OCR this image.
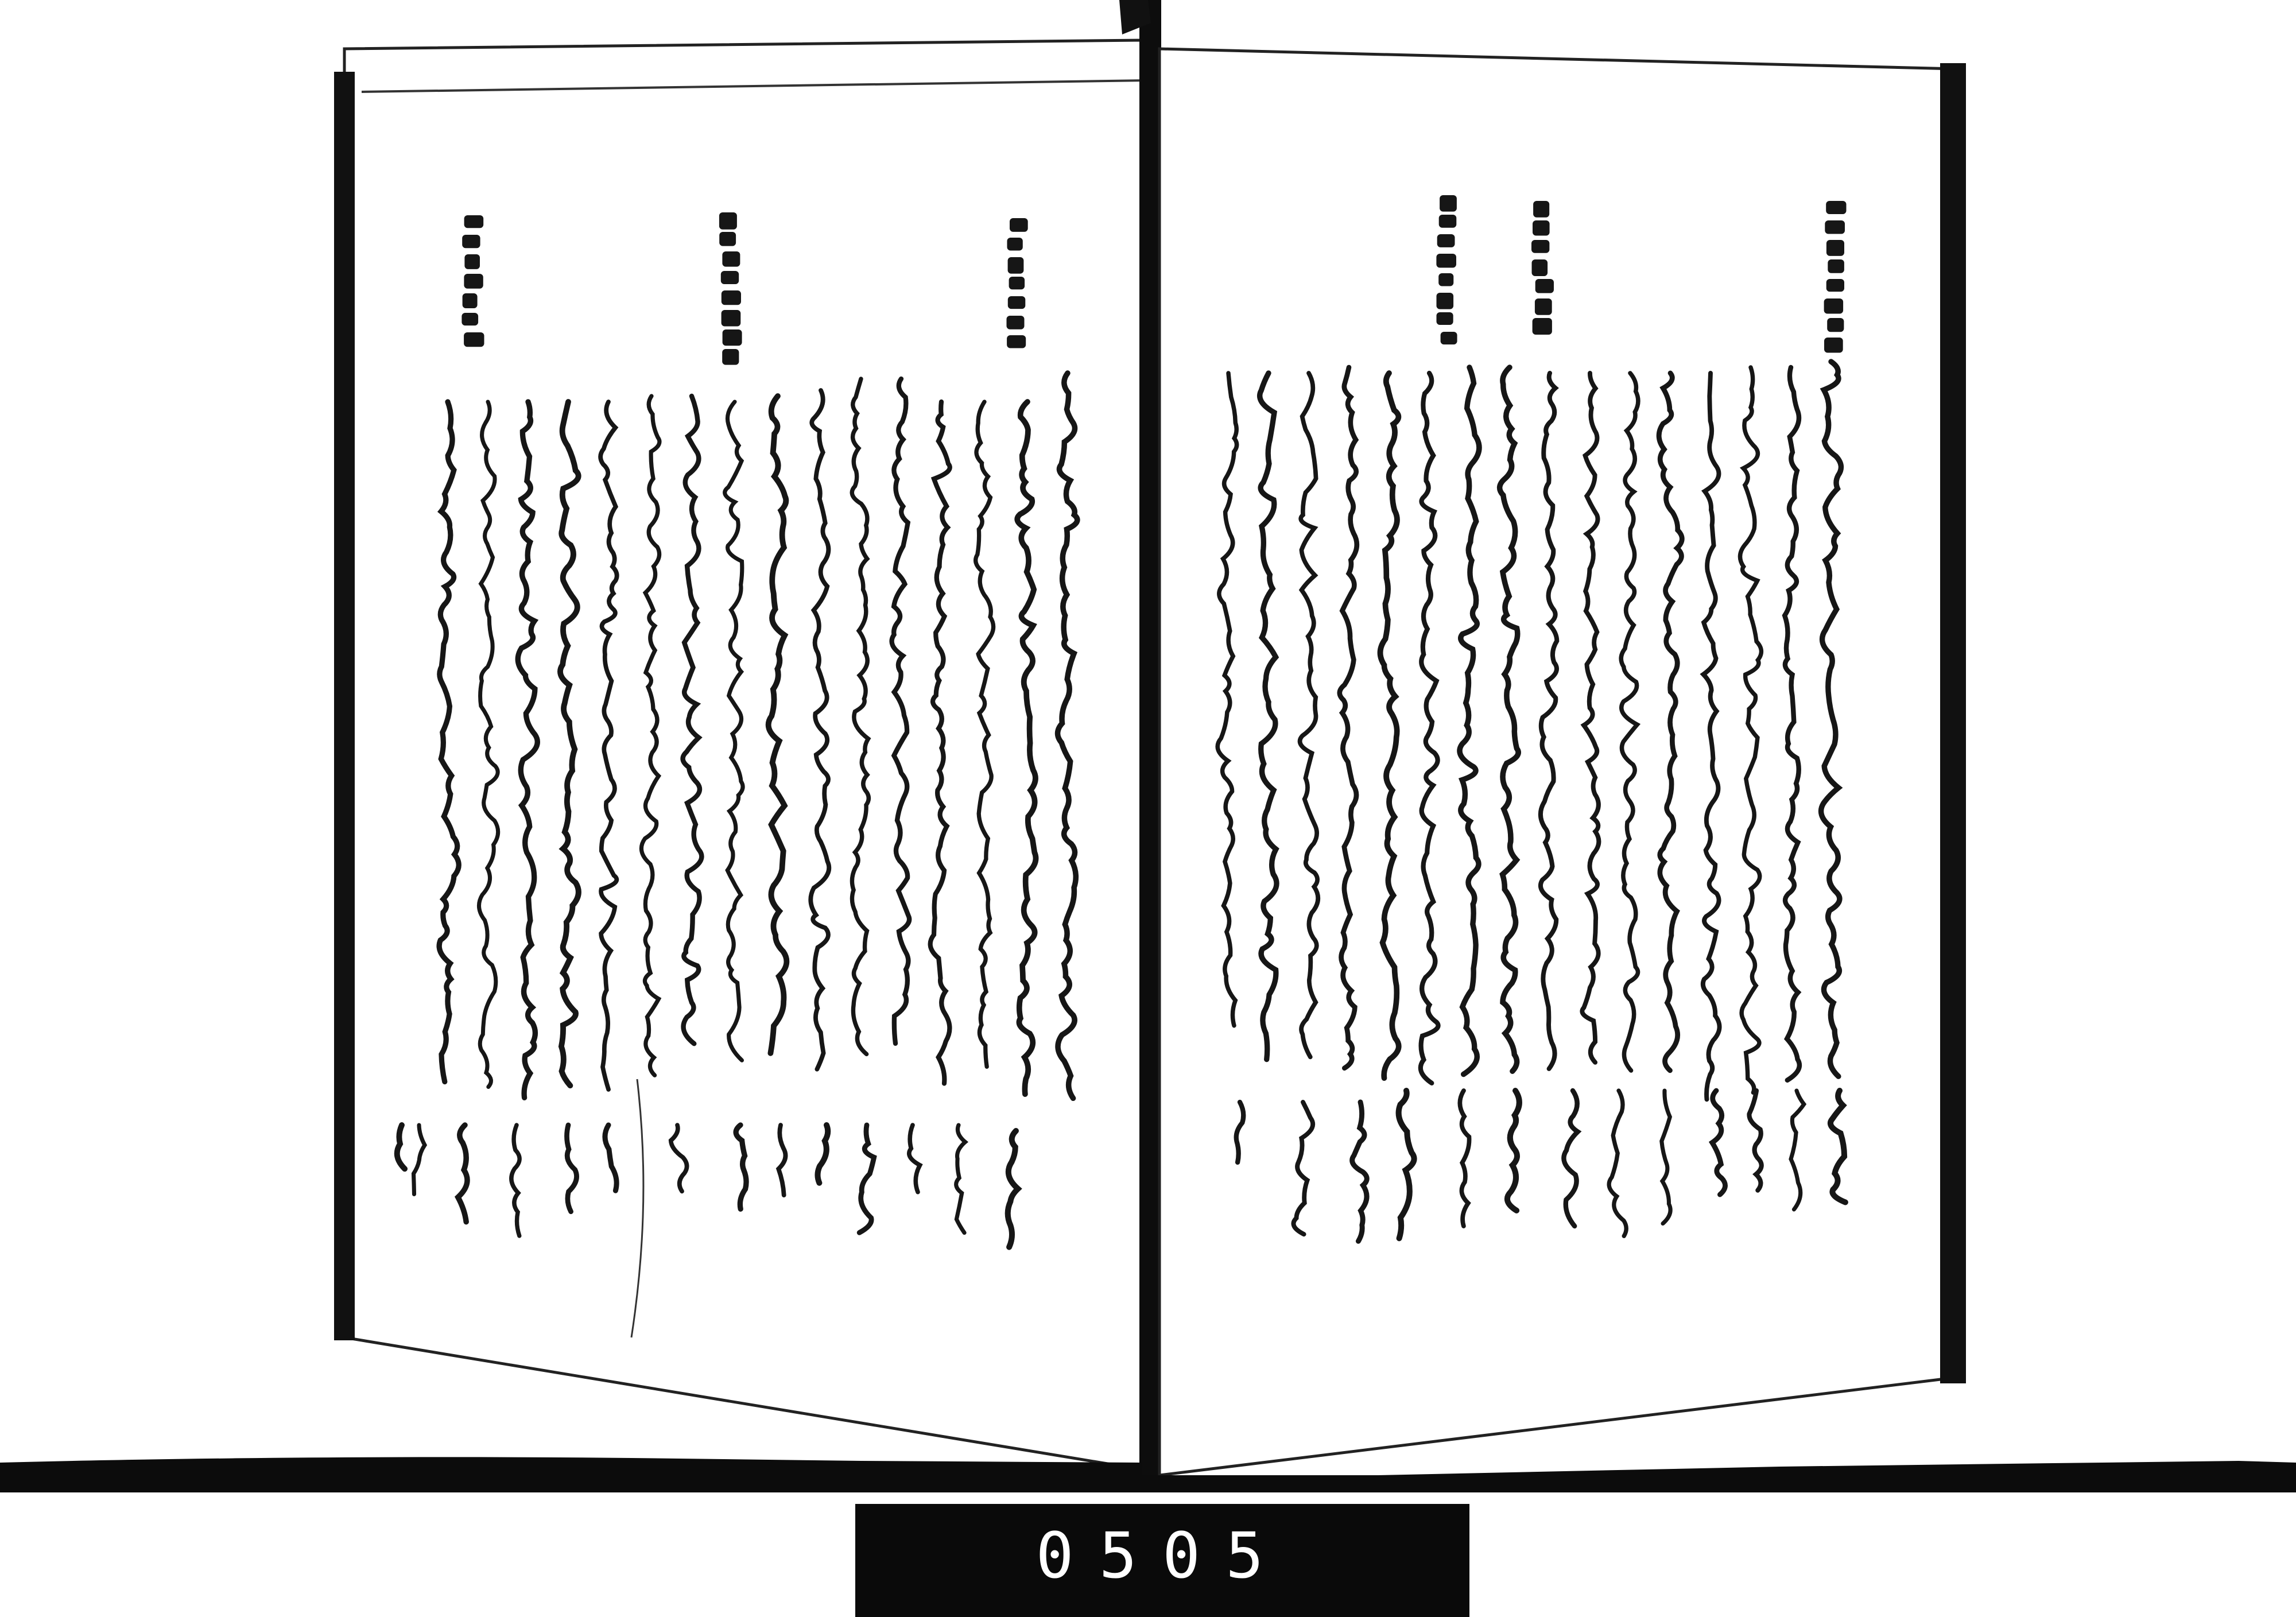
0505
